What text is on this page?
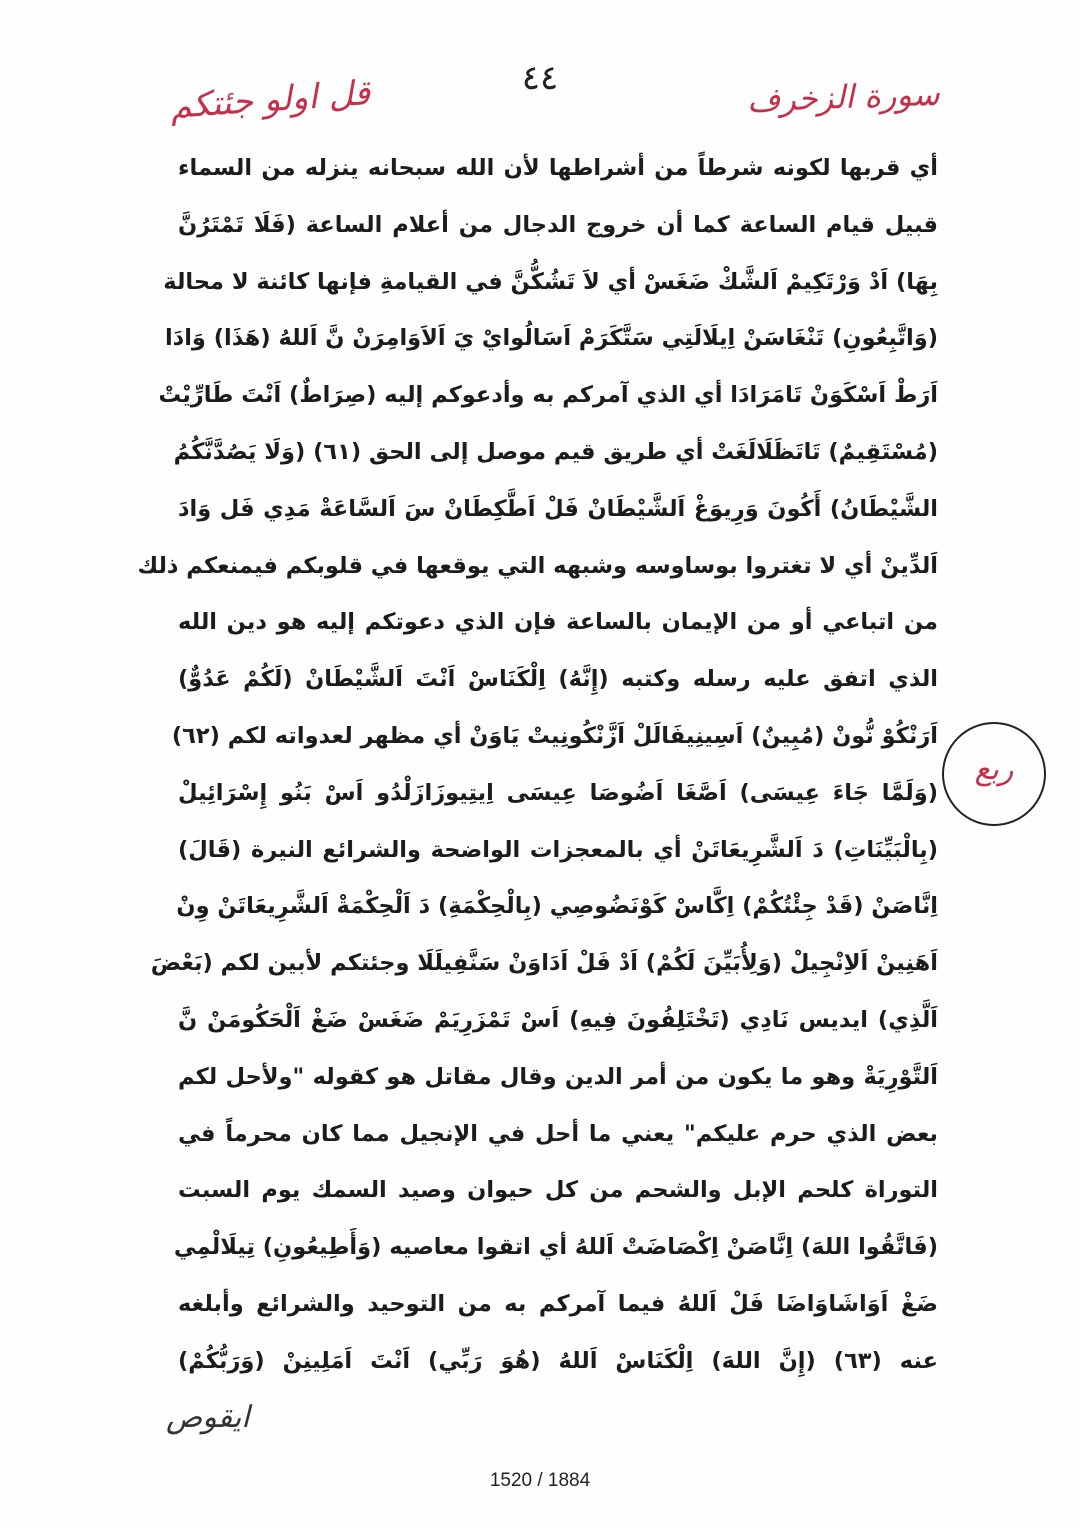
٤٤
قل اولو جئتكم	سورة الزخرف
أي قربها لكونه شرطاً من أشراطها لأن الله سبحانه ينزله من السماء
قبيل قيام الساعة كما أن خروج الدجال من أعلام الساعة (فَلَا تَمْتَرُنَّ
بِهَا) اَدْ وَرْتَكِيمْ اَلشَّكْ ضَغَسْ أي لاَ تَشُكُّنَّ في القيامةِ فإنها كائنة لا محالة
(وَاتَّبِعُونِ) تَنْغَاسَنْ اِيلَالَتِي سَتَّكَرَمْ اَسَالُوايْ يَ اَلاَوَامِرَنْ نَّ اَللهُ (هَذَا) وَادَا
اَرَطْ اَسْكَوَنْ تَامَرَادَا أي الذي آمركم به وأدعوكم إليه (صِرَاطٌ) اَنْتَ طَارِّيْتْ
(مُسْتَقِيمٌ) تَاتَظَلَالَغَتْ أي طريق قيم موصل إلى الحق (٦١) (وَلَا يَصُدَّنَّكُمُ
الشَّيْطَانُ) أَكُونَ وَرِيوَغْ اَلشَّيْطَانْ فَلْ اَطَّكِطَانْ سَ اَلسَّاعَةْ مَدِي فَل وَادَ
اَلدِّينْ أي لا تغتروا بوساوسه وشبهه التي يوقعها في قلوبكم فيمنعكم ذلك
من اتباعي أو من الإيمان بالساعة فإن الذي دعوتكم إليه هو دين الله
الذي اتفق عليه رسله وكتبه (إِنَّهُ) اِلْكَنَاسْ اَنْتَ اَلشَّيْطَانْ (لَكُمْ عَدُوٌّ)
اَرَنْكُوْ نُّونْ (مُبِينٌ) اَسِينِيفَالَلْ اَزَّنْكُونِيتْ يَاوَنْ أي مظهر لعدواته لكم (٦٢)
(وَلَمَّا جَاءَ عِيسَى) اَصَّغَا اَضُوصَا عِيسَى اِيتِيوزَازَلْدُو اَسْ بَنُو إِسْرَائِيلْ
(بِالْبَيِّنَاتِ) دَ اَلشَّرِيعَاتَنْ أي بالمعجزات الواضحة والشرائع النيرة (قَالَ)
اِنَّاصَنْ (قَدْ جِئْتُكُمْ) اِكَّاسْ كَوْنَضُوصِي (بِالْحِكْمَةِ) دَ اَلْحِكْمَةْ اَلشَّرِيعَاتَنْ وِنْ
اَهَنِينْ اَلاِنْجِيلْ (وَلِأُبَيِّنَ لَكُمْ) اَدْ فَلْ اَدَاوَنْ سَنَّفِيلَلَا وجئتكم لأبين لكم (بَعْضَ
اَلَّذِي) ايديس نَادِي (تَخْتَلِفُونَ فِيهِ) اَسْ تَمْزَرِيَمْ ضَغَسْ ضَغْ اَلْحَكُومَنْ نَّ
اَلتَّوْرِيَةْ وهو ما يكون من أمر الدين وقال مقاتل هو كقوله "ولأحل لكم
بعض الذي حرم عليكم" يعني ما أحل في الإنجيل مما كان محرماً في
التوراة كلحم الإبل والشحم من كل حيوان وصيد السمك يوم السبت
(فَاتَّقُوا اللهَ) اِنَّاصَنْ اِكْصَاضَتْ اَللهُ أي اتقوا معاصيه (وَأَطِيعُونِ) تِيلَالْمِي
ضَغْ اَوَاشَاوَاضَا فَلْ اَللهُ فيما آمركم به من التوحيد والشرائع وأبلغه
عنه (٦٣) (إِنَّ اللهَ) اِلْكَنَاسْ اَللهُ (هُوَ رَبِّي) اَنْتَ اَمَلِينِنْ (وَرَبُّكُمْ)
ربع
ايقوص
1520 / 1884
